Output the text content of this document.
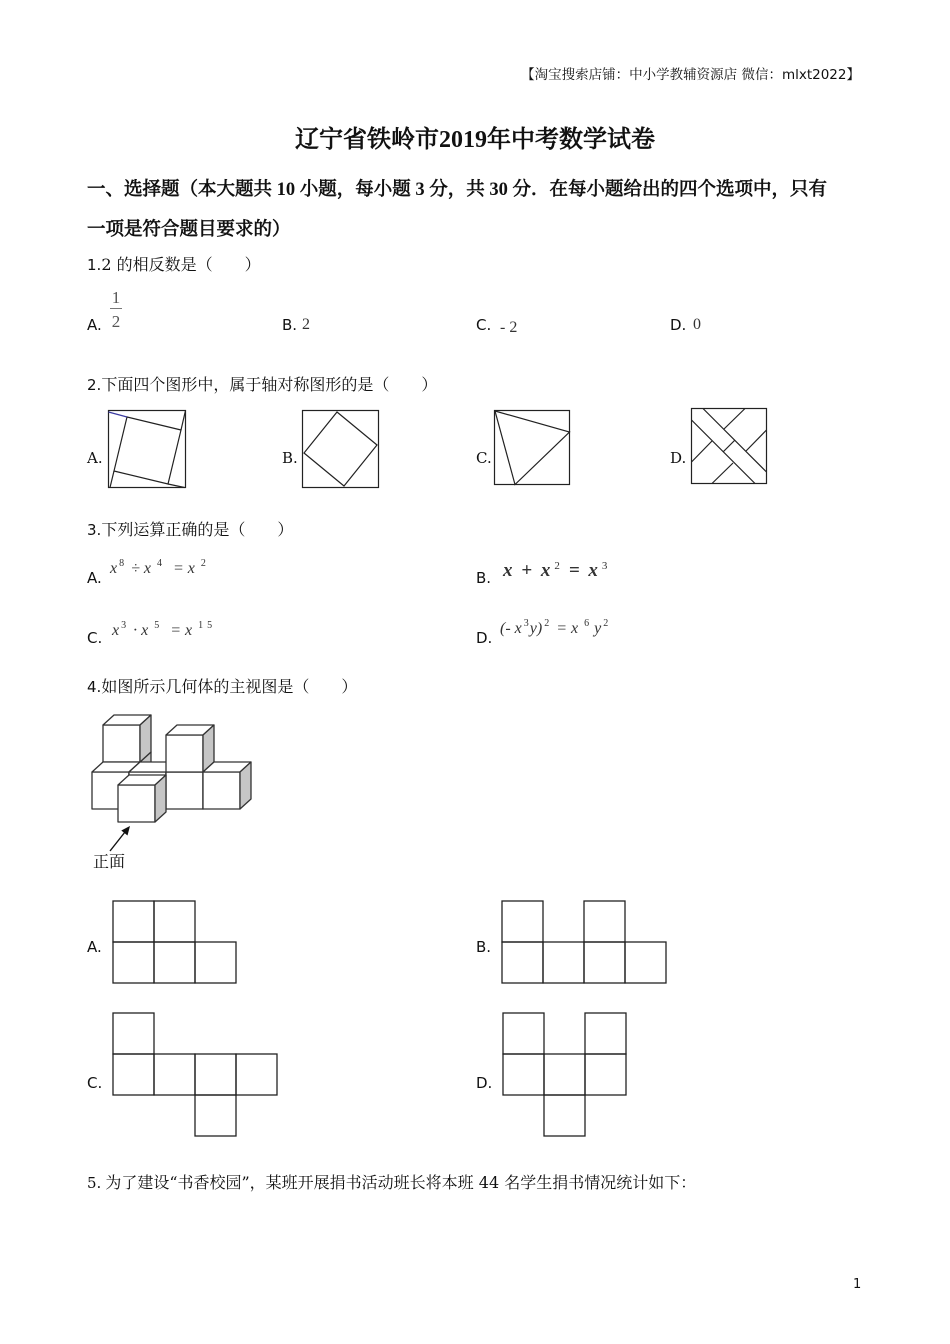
【淘宝搜索店铺：中小学教辅资源店 微信：mlxt2022】
辽宁省铁岭市2019年中考数学试卷
一、选择题（本大题共 10 小题，每小题 3 分，共 30 分．在每小题给出的四个选项中，只有
一项是符合题目要求的）
1.2 的相反数是（　　）
A.
1
2	B. 2	C. - 2	D. 0
2.下面四个图形中，属于轴对称图形的是（　　）
A.	B.	C.	D.
3.下列运算正确的是（　　）
A.
x $^8$ ÷x $^4$ =x $^2$
B. x + x $^2$ = x $^3$
C. x $^3$ ·x $^5$ =x $^{15}$
D.
(- x $^3$y) $^2$ =x $^6$y $^2$
4.如图所示几何体的主视图是（　　）
正面
A.	B.
C.	D.
5. 为了建设“书香校园”，某班开展捐书活动班长将本班 44 名学生捐书情况统计如下：
1
